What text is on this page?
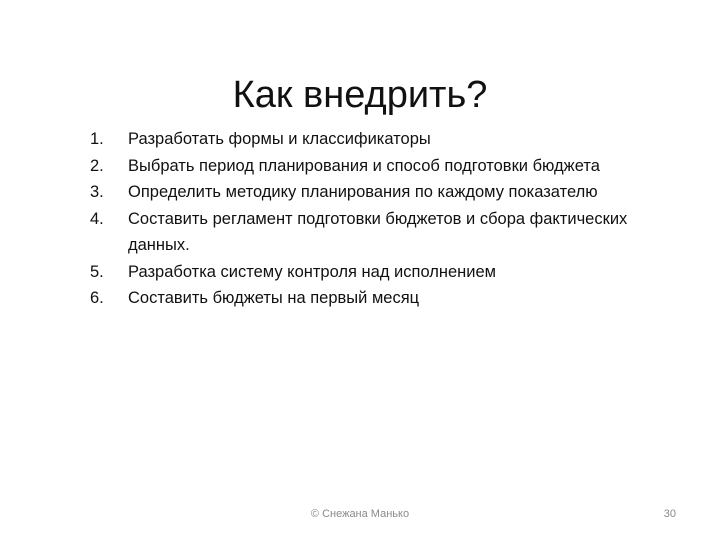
Как внедрить?
1.	Разработать формы и классификаторы
2.	Выбрать период планирования и способ подготовки бюджета
3.	Определить методику планирования по каждому показателю
4.	Составить регламент подготовки бюджетов и сбора фактических данных.
5.	Разработка систему контроля над исполнением
6.	Составить бюджеты на первый месяц
© Снежана Манько	30
